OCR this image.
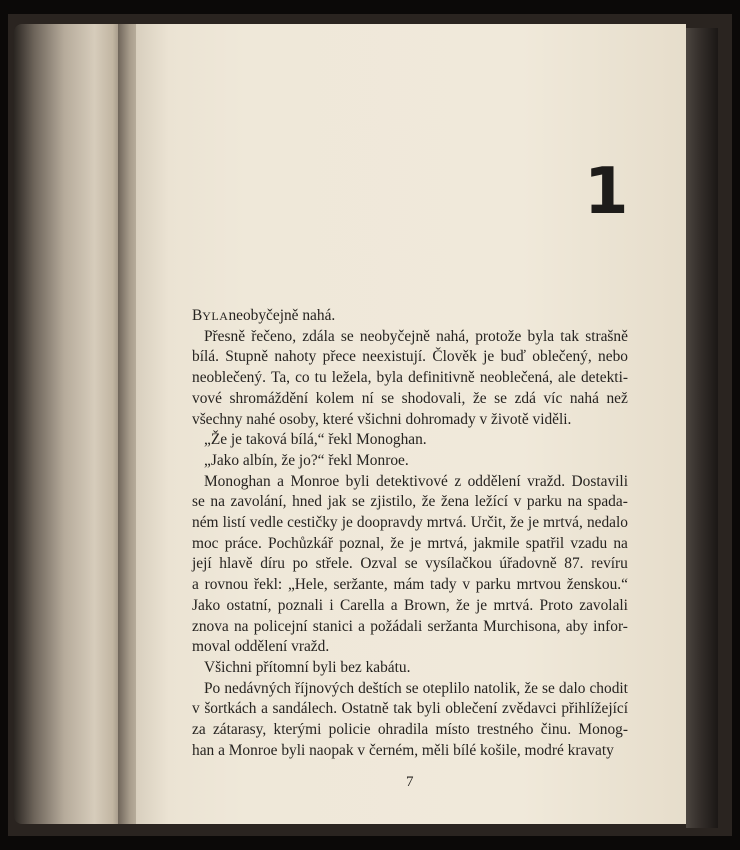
1
B YLA neobyčejně nahá.
Přesně řečeno, zdála se neobyčejně nahá, protože byla tak strašně
bílá. Stupně nahoty přece neexistují. Člověk je buď oblečený, nebo
neoblečený. Ta, co tu ležela, byla definitivně neoblečená, ale detekti-
vové shromáždění kolem ní se shodovali, že se zdá víc nahá než
všechny nahé osoby, které všichni dohromady v životě viděli.
„Že je taková bílá,“ řekl Monoghan.
„Jako albín, že jo?“ řekl Monroe.
Monoghan a Monroe byli detektivové z oddělení vražd. Dostavili
se na zavolání, hned jak se zjistilo, že žena ležící v parku na spada-
ném listí vedle cestičky je doopravdy mrtvá. Určit, že je mrtvá, nedalo
moc práce. Pochůzkář poznal, že je mrtvá, jakmile spatřil vzadu na
její hlavě díru po střele. Ozval se vysílačkou úřadovně 87. revíru
a rovnou řekl: „Hele, seržante, mám tady v parku mrtvou ženskou.“
Jako ostatní, poznali i Carella a Brown, že je mrtvá. Proto zavolali
znova na policejní stanici a požádali seržanta Murchisona, aby infor-
moval oddělení vražd.
Všichni přítomní byli bez kabátu.
Po nedávných říjnových deštích se oteplilo natolik, že se dalo chodit
v šortkách a sandálech. Ostatně tak byli oblečení zvědavci přihlížející
za zátarasy, kterými policie ohradila místo trestného činu. Monog-
han a Monroe byli naopak v černém, měli bílé košile, modré kravaty
7
